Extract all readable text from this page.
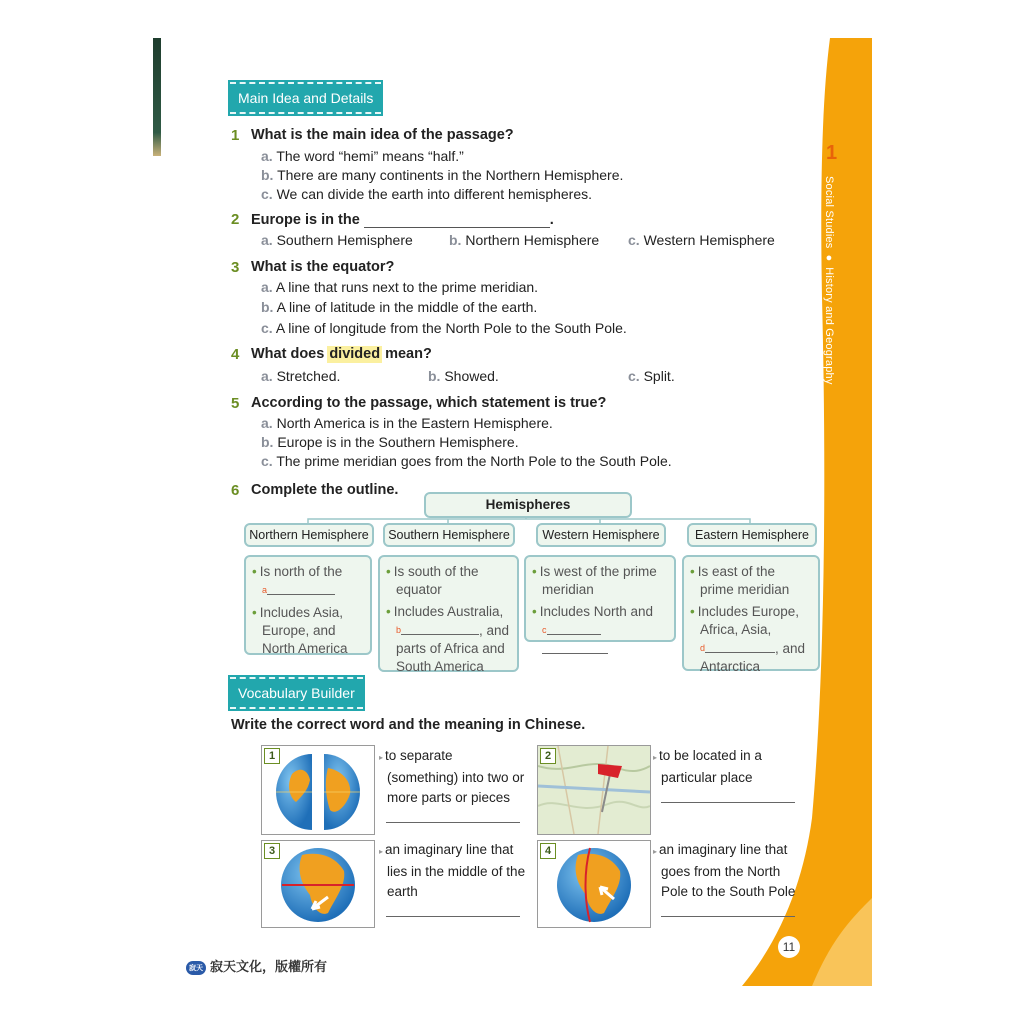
1
Social Studies ● History and Geography
Main Idea and Details
1 What is the main idea of the passage?
a. The word “hemi” means “half.”
b. There are many continents in the Northern Hemisphere.
c. We can divide the earth into different hemispheres.
2 Europe is in the	.
a. Southern Hemisphere	b. Northern Hemisphere c. Western Hemisphere
3 What is the equator?
a. A line that runs next to the prime meridian.
b. A line of latitude in the middle of the earth.
c. A line of longitude from the North Pole to the South Pole.
4 What does divided mean?
a. Stretched.	b. Showed.	c. Split.
5 According to the passage, which statement is true?
a. North America is in the Eastern Hemisphere.
b. Europe is in the Southern Hemisphere.
c. The prime meridian goes from the North Pole to the South Pole.
6 Complete the outline.
Hemispheres
Northern Hemisphere	Southern Hemisphere	Western Hemisphere	Eastern Hemisphere
• Is north of the
$^a$
• Includes Asia, Europe, and North America
• Is south of the equator
• Includes Australia,
$^b$	, and
parts of Africa and South America
• Is west of the prime meridian
• Includes North and
$^c$
• Is east of the prime meridian
• Includes Europe, Africa, Asia,
$^d$	, and
Antarctica
Vocabulary Builder
Write the correct word and the meaning in Chinese.
1	▸ to separate (something) into two or more parts or pieces
2	▸ to be located in a particular place
3	▸ an imaginary line that lies in the middle of the earth
4	▸ an imaginary line that goes from the North Pole to the South Pole
11
寂天 寂天文化，版權所有
